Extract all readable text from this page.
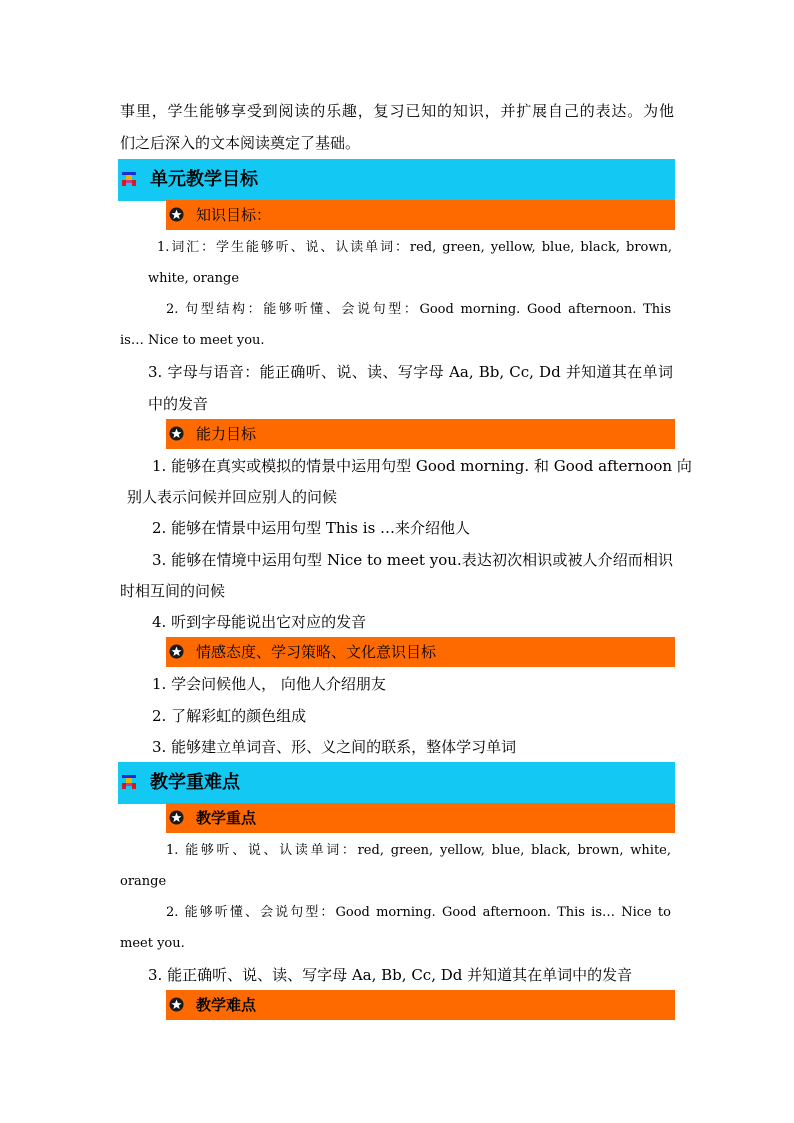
事里，学生能够享受到阅读的乐趣，复习已知的知识，并扩展自己的表达。为他
们之后深入的文本阅读奠定了基础。
单元教学目标
知识目标：
1.词汇：学生能够听、说、认读单词：red, green, yellow, blue, black, brown,
white, orange
2. 句型结构：能够听懂、会说句型：Good morning. Good afternoon. This
is… Nice to meet you.
3. 字母与语音：能正确听、说、读、写字母 Aa, Bb, Cc, Dd 并知道其在单词
中的发音
能力目标
1. 能够在真实或模拟的情景中运用句型 Good morning. 和 Good afternoon 向
别人表示问候并回应别人的问候
2. 能够在情景中运用句型 This is …来介绍他人
3. 能够在情境中运用句型 Nice to meet you.表达初次相识或被人介绍而相识
时相互间的问候
4. 听到字母能说出它对应的发音
情感态度、学习策略、文化意识目标
1. 学会问候他人， 向他人介绍朋友
2. 了解彩虹的颜色组成
3. 能够建立单词音、形、义之间的联系，整体学习单词
教学重难点
教学重点
1. 能够听、说、认读单词：red, green, yellow, blue, black, brown, white,
orange
2. 能够听懂、会说句型：Good morning. Good afternoon. This is… Nice to
meet you.
3. 能正确听、说、读、写字母 Aa, Bb, Cc, Dd 并知道其在单词中的发音
教学难点
